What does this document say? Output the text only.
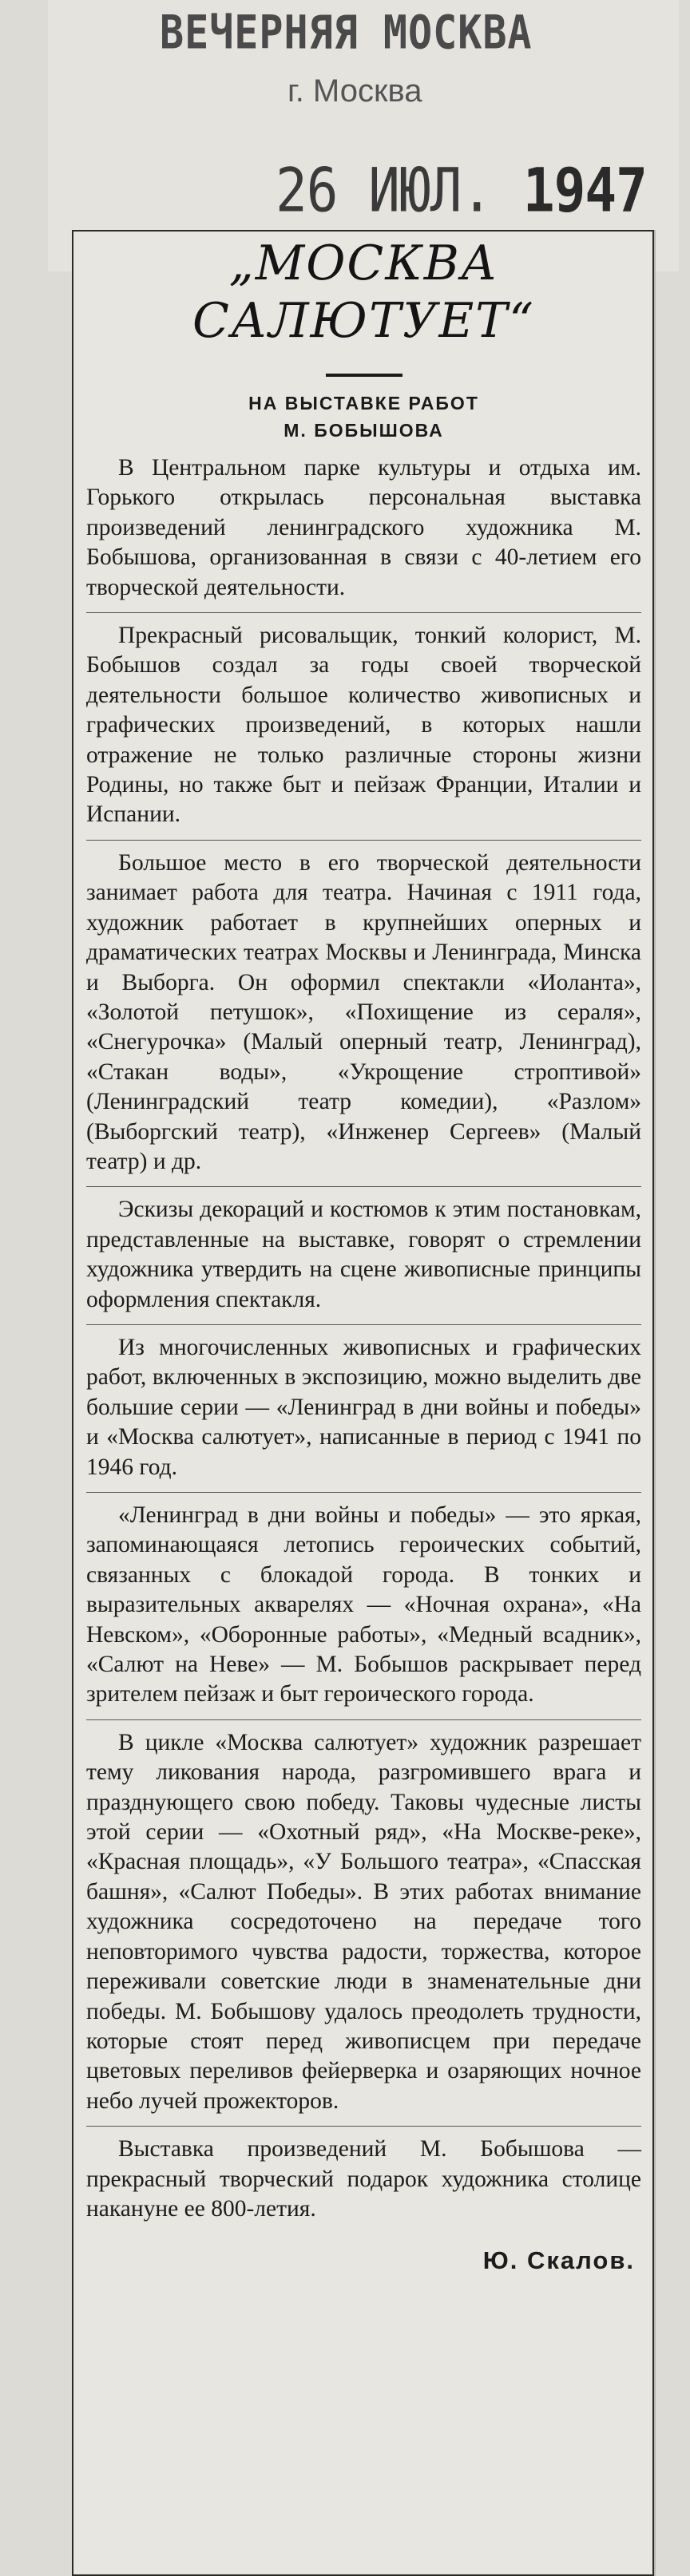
ВЕЧЕРНЯЯ МОСКВА
г. Москва
26 ИЮЛ. 1947
„МОСКВА
САЛЮТУЕТ“
НА ВЫСТАВКЕ РАБОТ
М. БОБЫШОВА

В Центральном парке культуры и отдыха им. Горького открылась персональная выставка произведений ленинградского художника М. Бобышова, организованная в связи с 40-летием его творческой деятельности.

Прекрасный рисовальщик, тонкий колорист, М. Бобышов создал за годы своей творческой деятельности большое количество живописных и графических произведений, в которых нашли отражение не только различные стороны жизни Родины, но также быт и пейзаж Франции, Италии и Испании.

Большое место в его творческой деятельности занимает работа для театра. Начиная с 1911 года, художник работает в крупнейших оперных и драматических театрах Москвы и Ленинграда, Минска и Выборга. Он оформил спектакли «Иоланта», «Золотой петушок», «Похищение из сераля», «Снегурочка» (Малый оперный театр, Ленинград), «Стакан воды», «Укрощение строптивой» (Ленинградский театр комедии), «Разлом» (Выборгский театр), «Инженер Сергеев» (Малый театр) и др.

Эскизы декораций и костюмов к этим постановкам, представленные на выставке, говорят о стремлении художника утвердить на сцене живописные принципы оформления спектакля.

Из многочисленных живописных и графических работ, включенных в экспозицию, можно выделить две большие серии — «Ленинград в дни войны и победы» и «Москва салютует», написанные в период с 1941 по 1946 год.

«Ленинград в дни войны и победы» — это яркая, запоминающаяся летопись героических событий, связанных с блокадой города. В тонких и выразительных акварелях — «Ночная охрана», «На Невском», «Оборонные работы», «Медный всадник», «Салют на Неве» — М. Бобышов раскрывает перед зрителем пейзаж и быт героического города.

В цикле «Москва салютует» художник разрешает тему ликования народа, разгромившего врага и празднующего свою победу. Таковы чудесные листы этой серии — «Охотный ряд», «На Москве-реке», «Красная площадь», «У Большого театра», «Спасская башня», «Салют Победы». В этих работах внимание художника сосредоточено на передаче того неповторимого чувства радости, торжества, которое переживали советские люди в знаменательные дни победы. М. Бобышову удалось преодолеть трудности, которые стоят перед живописцем при передаче цветовых переливов фейерверка и озаряющих ночное небо лучей прожекторов.

Выставка произведений М. Бобышова — прекрасный творческий подарок художника столице накануне ее 800-летия.

Ю. Скалов.
